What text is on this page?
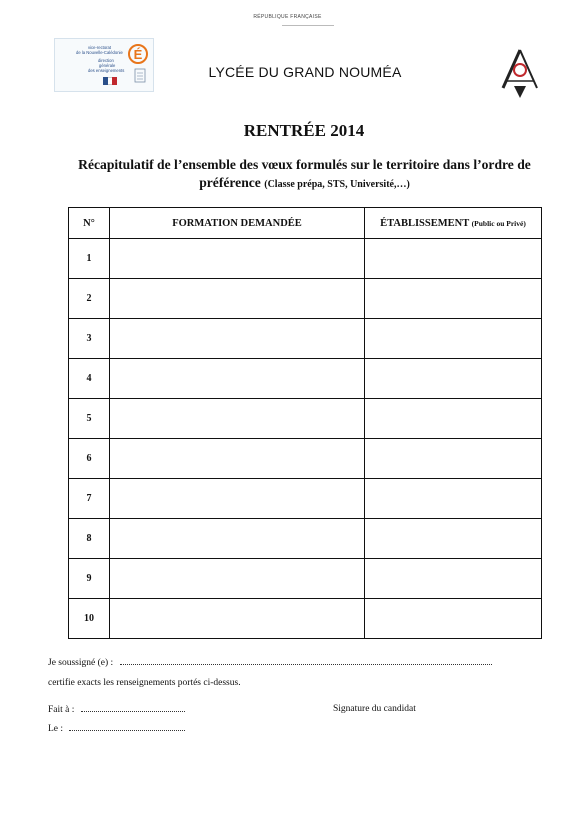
RÉPUBLIQUE FRANÇAISE
vice-rectorat
de la Nouvelle-Calédonie
direction
générale
des enseignements
É
LYCÉE DU GRAND NOUMÉA
RENTRÉE 2014
Récapitulatif de l’ensemble des vœux formulés sur le territoire dans l’ordre de préférence (Classe prépa, STS, Université,…)
N°	FORMATION DEMANDÉE	ÉTABLISSEMENT (Public ou Privé)
1		
2		
3		
4		
5		
6		
7		
8		
9		
10		
Je soussigné (e) :
certifie exacts les renseignements portés ci-dessus.
Fait à :	Signature du candidat
Le :
